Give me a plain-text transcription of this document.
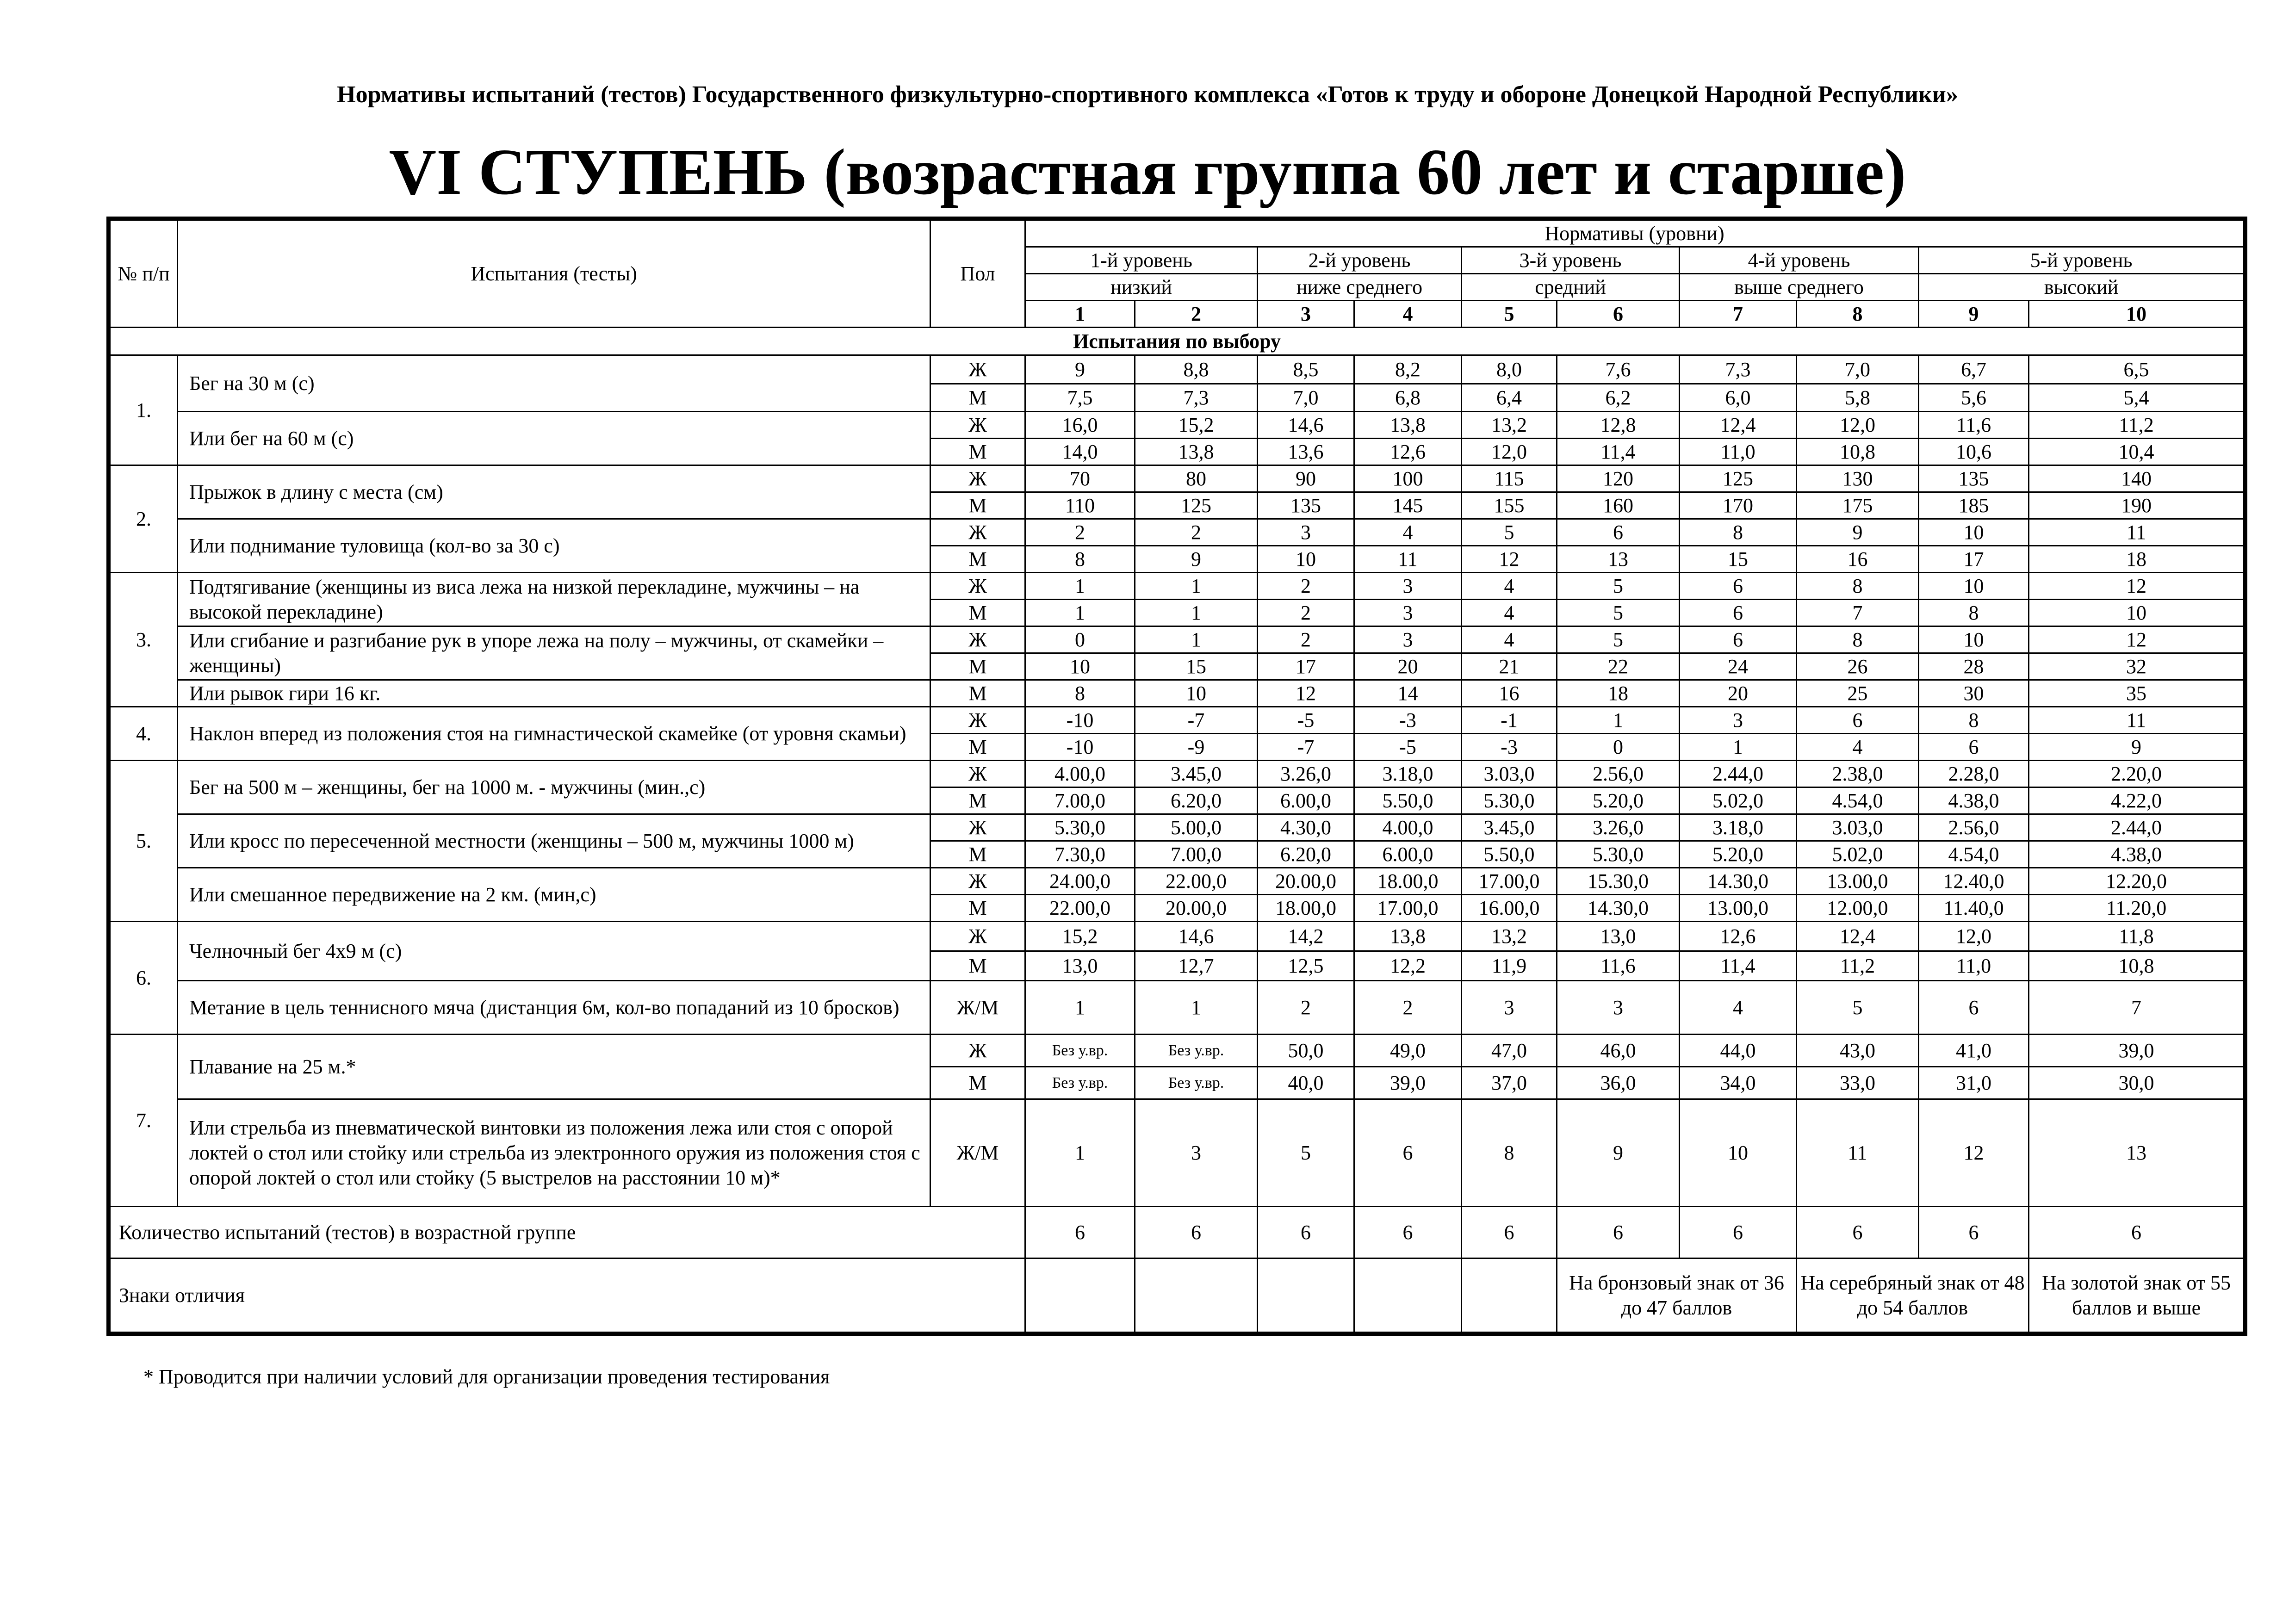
Нормативы испытаний (тестов) Государственного физкультурно-спортивного комплекса «Готов к труду и обороне Донецкой Народной Республики»
VI СТУПЕНЬ (возрастная группа 60 лет и старше)
№ п/п	Испытания (тесты)	Пол	Нормативы (уровни)									
			1-й уровень		2-й уровень		3-й уровень		4-й уровень		5-й уровень	
			низкий		ниже среднего		средний		выше среднего		высокий	
			1	2	3	4	5	6	7	8	9	10
Испытания по выбору												
1.	Бег на 30 м (с)	Ж	9	8,8	8,5	8,2	8,0	7,6	7,3	7,0	6,7	6,5
		М	7,5	7,3	7,0	6,8	6,4	6,2	6,0	5,8	5,6	5,4
	Или бег на 60 м (с)	Ж	16,0	15,2	14,6	13,8	13,2	12,8	12,4	12,0	11,6	11,2
		М	14,0	13,8	13,6	12,6	12,0	11,4	11,0	10,8	10,6	10,4
2.	Прыжок в длину с места (см)	Ж	70	80	90	100	115	120	125	130	135	140
		М	110	125	135	145	155	160	170	175	185	190
	Или поднимание туловища (кол-во за 30 с)	Ж	2	2	3	4	5	6	8	9	10	11
		М	8	9	10	11	12	13	15	16	17	18
3.	Подтягивание (женщины из виса лежа на низкой перекладине, мужчины – на высокой перекладине)	Ж	1	1	2	3	4	5	6	8	10	12
		М	1	1	2	3	4	5	6	7	8	10
	Или сгибание и разгибание рук в упоре лежа на полу – мужчины, от скамейки – женщины)	Ж	0	1	2	3	4	5	6	8	10	12
		М	10	15	17	20	21	22	24	26	28	32
	Или рывок гири 16 кг.	М	8	10	12	14	16	18	20	25	30	35
4.	Наклон вперед из положения стоя на гимнастической скамейке (от уровня скамьи)	Ж	-10	-7	-5	-3	-1	1	3	6	8	11
		М	-10	-9	-7	-5	-3	0	1	4	6	9
5.	Бег на 500 м – женщины, бег на 1000 м. - мужчины (мин.,с)	Ж	4.00,0	3.45,0	3.26,0	3.18,0	3.03,0	2.56,0	2.44,0	2.38,0	2.28,0	2.20,0
		М	7.00,0	6.20,0	6.00,0	5.50,0	5.30,0	5.20,0	5.02,0	4.54,0	4.38,0	4.22,0
	Или кросс по пересеченной местности (женщины – 500 м, мужчины 1000 м)	Ж	5.30,0	5.00,0	4.30,0	4.00,0	3.45,0	3.26,0	3.18,0	3.03,0	2.56,0	2.44,0
		М	7.30,0	7.00,0	6.20,0	6.00,0	5.50,0	5.30,0	5.20,0	5.02,0	4.54,0	4.38,0
	Или смешанное передвижение на 2 км. (мин,с)	Ж	24.00,0	22.00,0	20.00,0	18.00,0	17.00,0	15.30,0	14.30,0	13.00,0	12.40,0	12.20,0
		М	22.00,0	20.00,0	18.00,0	17.00,0	16.00,0	14.30,0	13.00,0	12.00,0	11.40,0	11.20,0
6.	Челночный бег 4х9 м (с)	Ж	15,2	14,6	14,2	13,8	13,2	13,0	12,6	12,4	12,0	11,8
		М	13,0	12,7	12,5	12,2	11,9	11,6	11,4	11,2	11,0	10,8
	Метание в цель теннисного мяча (дистанция 6м, кол-во попаданий из 10 бросков)	Ж/М	1	1	2	2	3	3	4	5	6	7
7.	Плавание на 25 м.*	Ж	Без у.вр.	Без у.вр.	50,0	49,0	47,0	46,0	44,0	43,0	41,0	39,0
		М	Без у.вр.	Без у.вр.	40,0	39,0	37,0	36,0	34,0	33,0	31,0	30,0
	Или стрельба из пневматической винтовки из положения лежа или стоя с опорой локтей о стол или стойку или стрельба из электронного оружия из положения стоя с опорой локтей о стол или стойку (5 выстрелов на расстоянии 10 м)*	Ж/М	1	3	5	6	8	9	10	11	12	13
Количество испытаний (тестов) в возрастной группе			6	6	6	6	6	6	6	6	6	6
Знаки отличия								На бронзовый знак от 36 до 47 баллов		На серебряный знак от 48 до 54 баллов		На золотой знак от 55 баллов и выше
* Проводится при наличии условий для организации проведения тестирования
